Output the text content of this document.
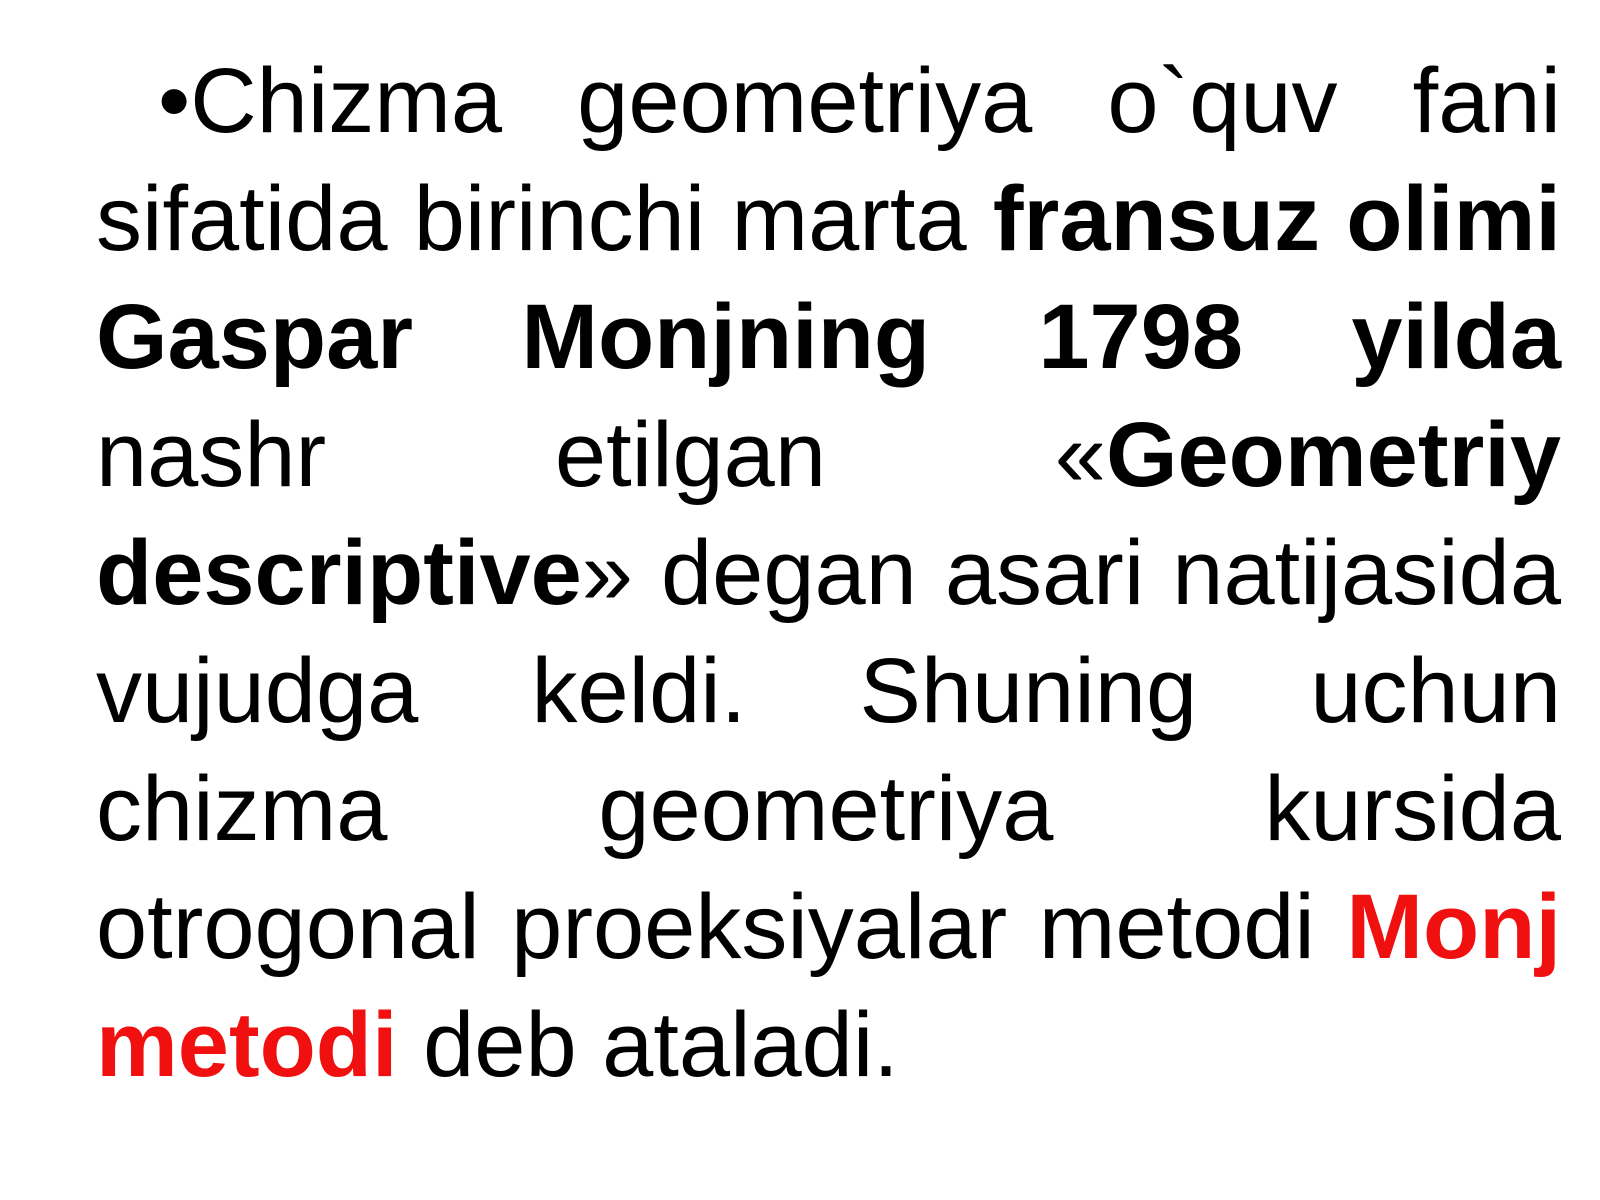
•Chizma geometriya o`quv fani sifatida birinchi marta fransuz olimi Gaspar Monjning 1798 yilda nashr etilgan «Geometriy descriptive» degan asari natijasida vujudga keldi. Shuning uchun chizma geometriya kursida otrogonal proeksiyalar metodi Monj metodi deb ataladi.
